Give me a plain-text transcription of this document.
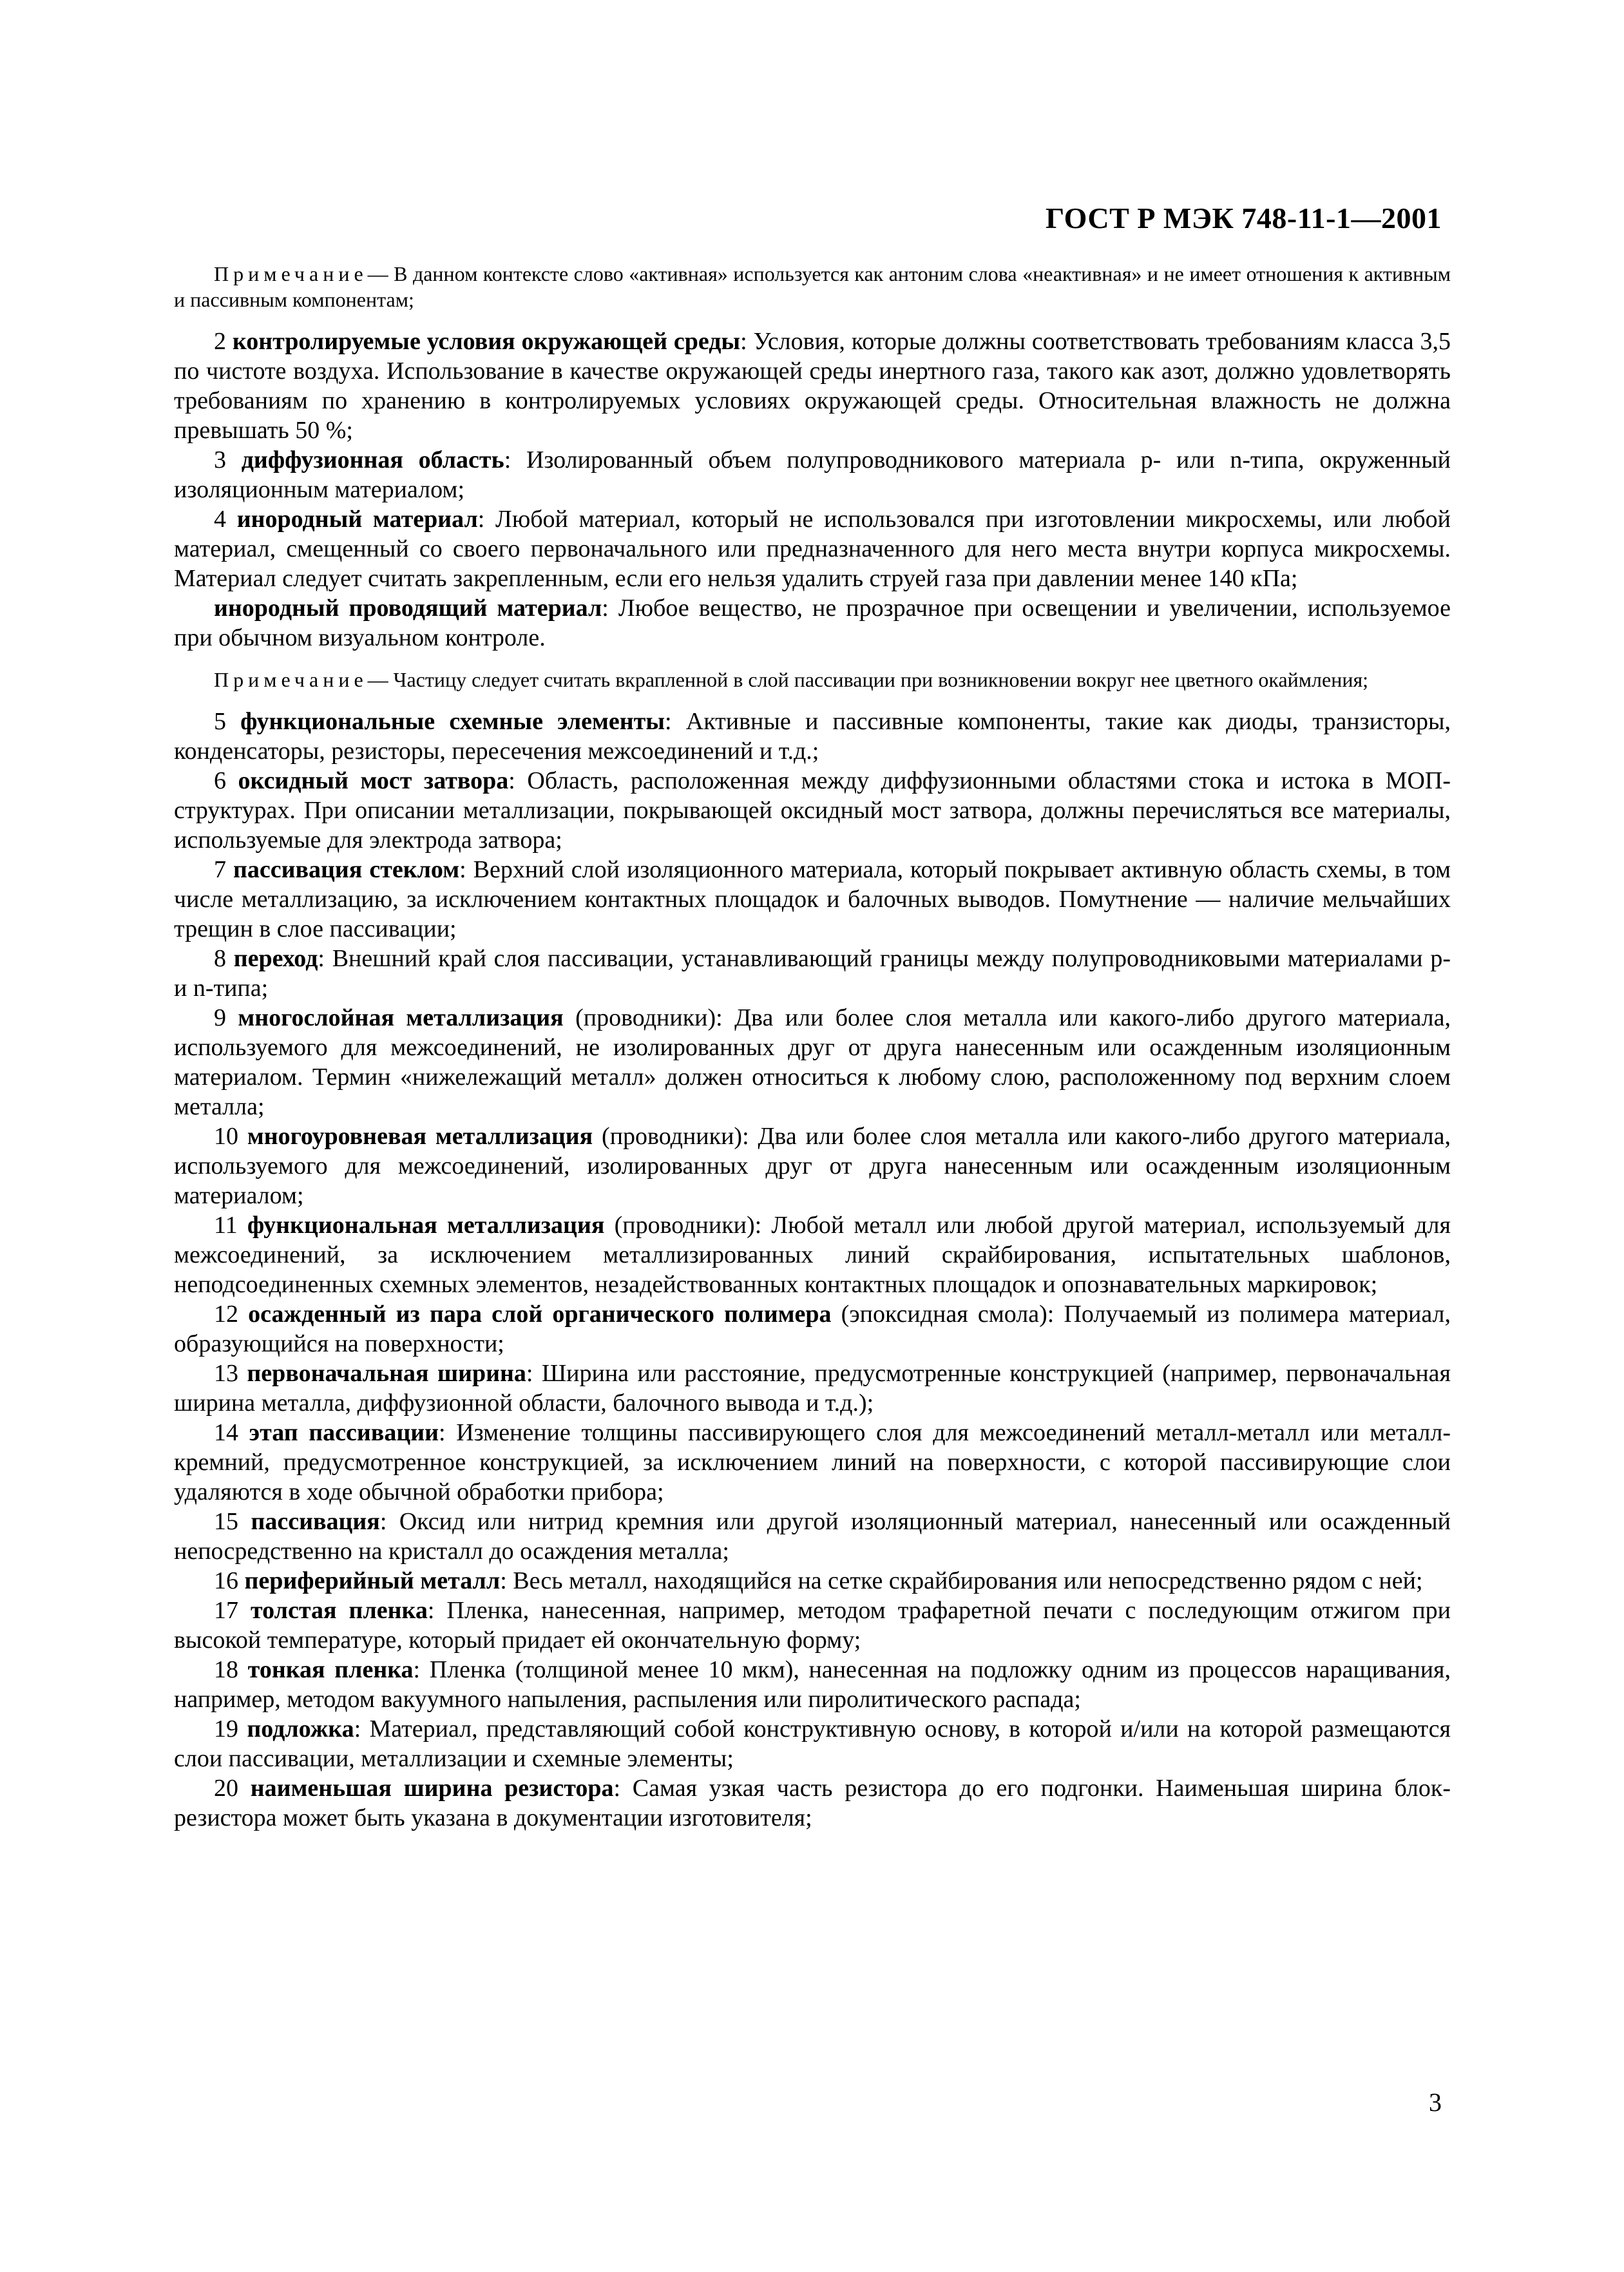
ГОСТ Р МЭК 748-11-1—2001

Примечание— В данном контексте слово «активная» используется как антоним слова «неактивная» и не имеет отношения к активным и пассивным компонентам;

2 контролируемые условия окружающей среды: Условия, которые должны соответствовать требованиям класса 3,5 по чистоте воздуха. Использование в качестве окружающей среды инертного газа, такого как азот, должно удовлетворять требованиям по хранению в контролируемых условиях окружающей среды. Относительная влажность не должна превышать 50 %;

3 диффузионная область: Изолированный объем полупроводникового материала p- или n-типа, окруженный изоляционным материалом;

4 инородный материал: Любой материал, который не использовался при изготовлении микросхемы, или любой материал, смещенный со своего первоначального или предназначенного для него места внутри корпуса микросхемы. Материал следует считать закрепленным, если его нельзя удалить струей газа при давлении менее 140 кПа;

инородный проводящий материал: Любое вещество, не прозрачное при освещении и увеличении, используемое при обычном визуальном контроле.

Примечание— Частицу следует считать вкрапленной в слой пассивации при возникновении вокруг нее цветного окаймления;

5 функциональные схемные элементы: Активные и пассивные компоненты, такие как диоды, транзисторы, конденсаторы, резисторы, пересечения межсоединений и т.д.;

6 оксидный мост затвора: Область, расположенная между диффузионными областями стока и истока в МОП-структурах. При описании металлизации, покрывающей оксидный мост затвора, должны перечисляться все материалы, используемые для электрода затвора;

7 пассивация стеклом: Верхний слой изоляционного материала, который покрывает активную область схемы, в том числе металлизацию, за исключением контактных площадок и балочных выводов. Помутнение — наличие мельчайших трещин в слое пассивации;

8 переход: Внешний край слоя пассивации, устанавливающий границы между полупроводниковыми материалами p- и n-типа;

9 многослойная металлизация (проводники): Два или более слоя металла или какого-либо другого материала, используемого для межсоединений, не изолированных друг от друга нанесенным или осажденным изоляционным материалом. Термин «нижележащий металл» должен относиться к любому слою, расположенному под верхним слоем металла;

10 многоуровневая металлизация (проводники): Два или более слоя металла или какого-либо другого материала, используемого для межсоединений, изолированных друг от друга нанесенным или осажденным изоляционным материалом;

11 функциональная металлизация (проводники): Любой металл или любой другой материал, используемый для межсоединений, за исключением металлизированных линий скрайбирования, испытательных шаблонов, неподсоединенных схемных элементов, незадействованных контактных площадок и опознавательных маркировок;

12 осажденный из пара слой органического полимера (эпоксидная смола): Получаемый из полимера материал, образующийся на поверхности;

13 первоначальная ширина: Ширина или расстояние, предусмотренные конструкцией (например, первоначальная ширина металла, диффузионной области, балочного вывода и т.д.);

14 этап пассивации: Изменение толщины пассивирующего слоя для межсоединений металл-металл или металл-кремний, предусмотренное конструкцией, за исключением линий на поверхности, с которой пассивирующие слои удаляются в ходе обычной обработки прибора;

15 пассивация: Оксид или нитрид кремния или другой изоляционный материал, нанесенный или осажденный непосредственно на кристалл до осаждения металла;

16 периферийный металл: Весь металл, находящийся на сетке скрайбирования или непосредственно рядом с ней;

17 толстая пленка: Пленка, нанесенная, например, методом трафаретной печати с последующим отжигом при высокой температуре, который придает ей окончательную форму;

18 тонкая пленка: Пленка (толщиной менее 10 мкм), нанесенная на подложку одним из процессов наращивания, например, методом вакуумного напыления, распыления или пиролитического распада;

19 подложка: Материал, представляющий собой конструктивную основу, в которой и/или на которой размещаются слои пассивации, металлизации и схемные элементы;

20 наименьшая ширина резистора: Самая узкая часть резистора до его подгонки. Наименьшая ширина блок-резистора может быть указана в документации изготовителя;

3
